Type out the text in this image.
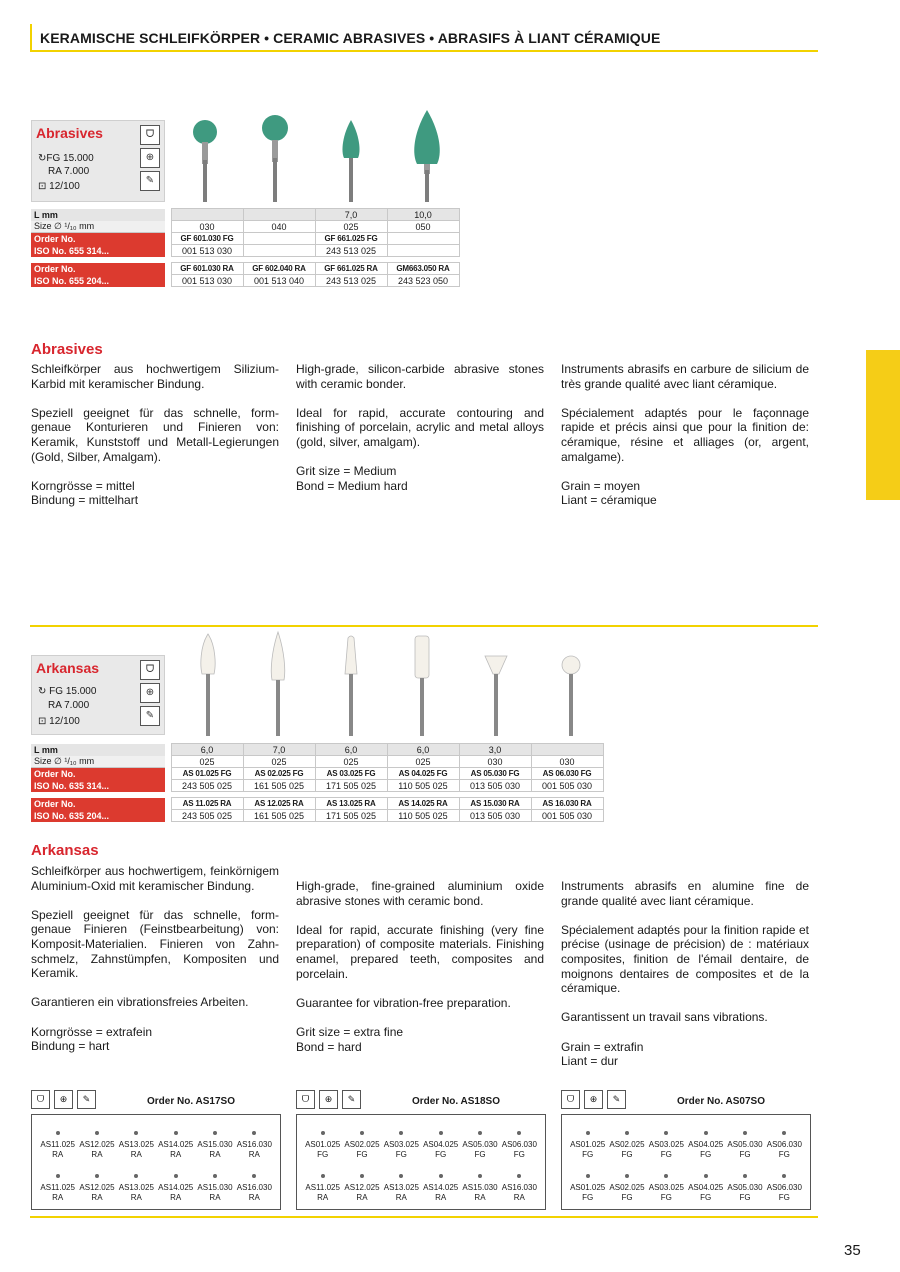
KERAMISCHE SCHLEIFKÖRPER • CERAMIC ABRASIVES • ABRASIFS À LIANT CÉRAMIQUE
Abrasives
↻FG 15.000
RA 7.000
⊡ 12/100
ᗜ
⊕
✎
L mm				7,0	10,0
Size ∅ ¹/₁₀ mm		030	040	025	050
Order No.		GF 601.030 FG		GF 661.025 FG	
ISO No. 655 314...		001 513 030		243 513 025	

Order No.		GF 601.030 RA	GF 602.040 RA	GF 661.025 RA	GM663.050 RA
ISO No. 655 204...		001 513 030	001 513 040	243 513 025	243 523 050
Abrasives

Schleifkörper aus hochwertigem Silizium-Karbid mit keramischer Bindung.

Speziell geeignet für das schnelle, form-genaue Konturieren und Finieren von: Keramik, Kunststoff und Metall-Legierungen (Gold, Silber, Amalgam).

Korngrösse = mittel

Bindung = mittelhart

High-grade, silicon-carbide abrasive stones with ceramic bonder.

Ideal for rapid, accurate contouring and finishing of porcelain, acrylic and metal alloys (gold, silver, amalgam).

Grit size = Medium

Bond = Medium hard

Instruments abrasifs en carbure de silicium de très grande qualité avec liant céramique.

Spécialement adaptés pour le façonnage rapide et précis ainsi que pour la finition de: céramique, résine et alliages (or, argent, amalgame).

Grain = moyen

Liant = céramique

Arkansas
↻ FG 15.000
RA 7.000
⊡ 12/100
ᗜ
⊕
✎
L mm		6,0	7,0	6,0	6,0	3,0	
Size ∅ ¹/₁₀ mm		025	025	025	025	030	030
Order No.		AS 01.025 FG	AS 02.025 FG	AS 03.025 FG	AS 04.025 FG	AS 05.030 FG	AS 06.030 FG
ISO No. 635 314...		243 505 025	161 505 025	171 505 025	110 505 025	013 505 030	001 505 030

Order No.		AS 11.025 RA	AS 12.025 RA	AS 13.025 RA	AS 14.025 RA	AS 15.030 RA	AS 16.030 RA
ISO No. 635 204...		243 505 025	161 505 025	171 505 025	110 505 025	013 505 030	001 505 030
Arkansas

Schleifkörper aus hochwertigem, feinkörnigem Aluminium-Oxid mit keramischer Bindung.

Speziell geeignet für das schnelle, form-genaue Finieren (Feinstbearbeitung) von: Komposit-Materialien. Finieren von Zahn-schmelz, Zahnstümpfen, Kompositen und Keramik.

Garantieren ein vibrationsfreies Arbeiten.

Korngrösse = extrafein

Bindung = hart

High-grade, fine-grained aluminium oxide abrasive stones with ceramic bond.

Ideal for rapid, accurate finishing (very fine preparation) of composite materials. Finishing enamel, prepared teeth, composites and porcelain.

Guarantee for vibration-free preparation.

Grit size = extra fine

Bond = hard

Instruments abrasifs en alumine fine de grande qualité avec liant céramique.

Spécialement adaptés pour la finition rapide et précise (usinage de précision) de : matériaux composites, finition de l'émail dentaire, de moignons dentaires de composites et de la céramique.

Garantissent un travail sans vibrations.

Grain = extrafin

Liant = dur

ᗜ	⊕	✎	Order No. AS17SO
AS11.025
RA
AS12.025
RA
AS13.025
RA
AS14.025
RA
AS15.030
RA
AS16.030
RA
AS11.025
RA
AS12.025
RA
AS13.025
RA
AS14.025
RA
AS15.030
RA
AS16.030
RA
ᗜ	⊕	✎	Order No. AS18SO
AS01.025
FG
AS02.025
FG
AS03.025
FG
AS04.025
FG
AS05.030
FG
AS06.030
FG
AS11.025
RA
AS12.025
RA
AS13.025
RA
AS14.025
RA
AS15.030
RA
AS16.030
RA
ᗜ	⊕	✎	Order No. AS07SO
AS01.025
FG
AS02.025
FG
AS03.025
FG
AS04.025
FG
AS05.030
FG
AS06.030
FG
AS01.025
FG
AS02.025
FG
AS03.025
FG
AS04.025
FG
AS05.030
FG
AS06.030
FG
35
